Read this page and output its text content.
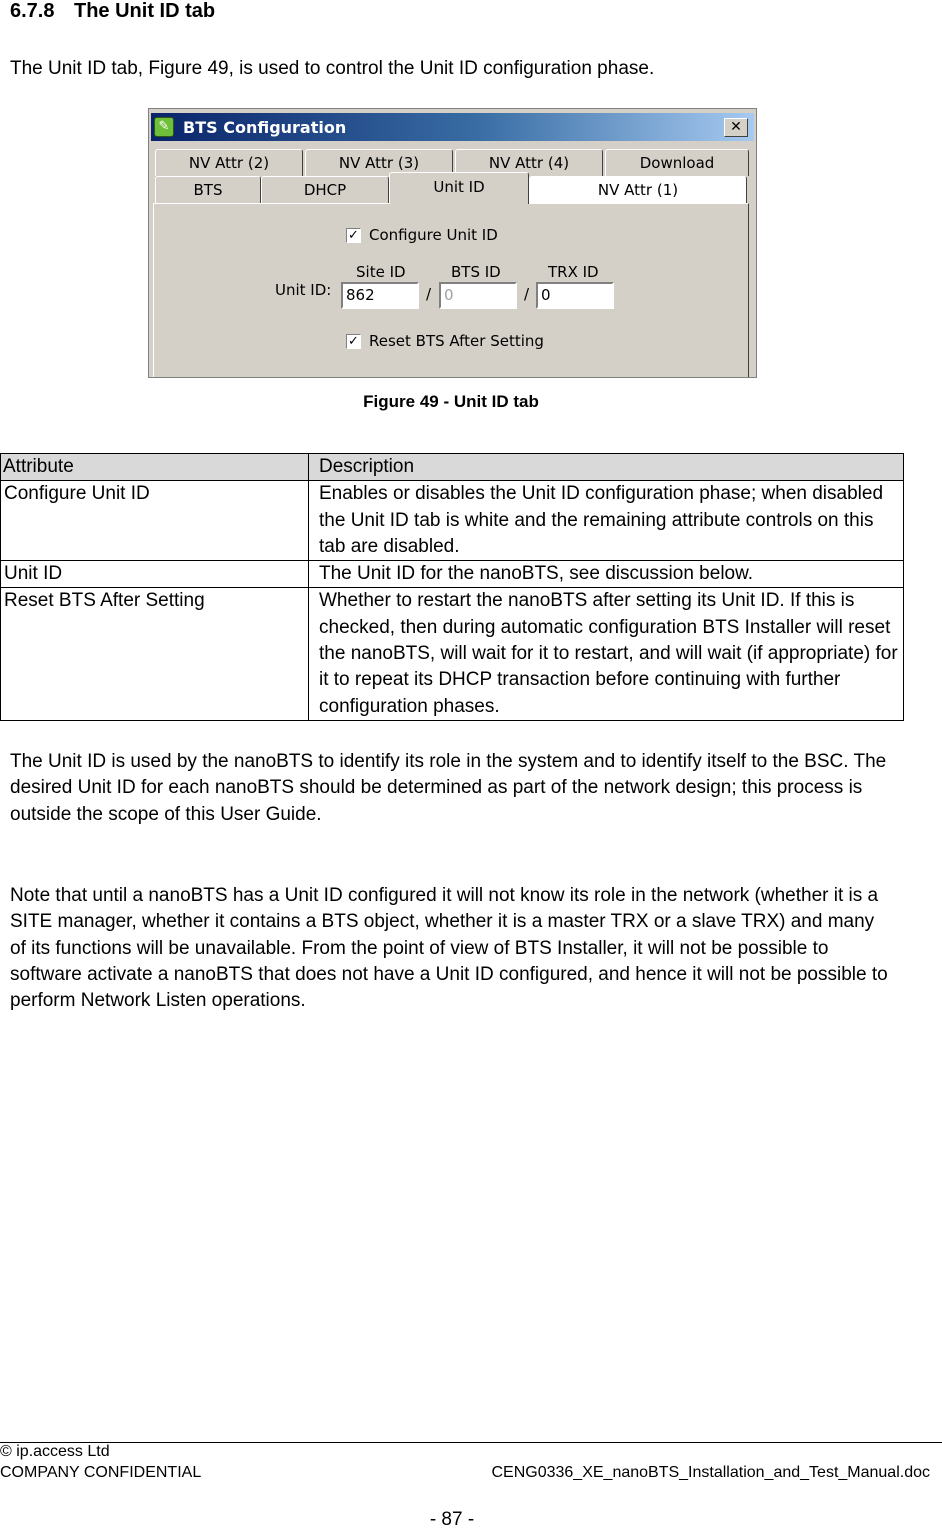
6.7.8 The Unit ID tab
The Unit ID tab, Figure 49, is used to control the Unit ID configuration phase.
✎ BTS Configuration	✕
NV Attr (2)	NV Attr (3)	NV Attr (4)	Download
BTS	DHCP	Unit ID	NV Attr (1)
✓ Configure Unit ID
Unit ID:
Site ID	BTS ID	TRX ID
862	/ 0	/ 0
✓ Reset BTS After Setting
Figure 49 - Unit ID tab
Attribute	Description
Configure Unit ID	Enables or disables the Unit ID configuration phase; when disabled the Unit ID tab is white and the remaining attribute controls on this tab are disabled.
Unit ID	The Unit ID for the nanoBTS, see discussion below.
Reset BTS After Setting	Whether to restart the nanoBTS after setting its Unit ID. If this is checked, then during automatic configuration BTS Installer will reset the nanoBTS, will wait for it to restart, and will wait (if appropriate) for it to repeat its DHCP transaction before continuing with further configuration phases.
The Unit ID is used by the nanoBTS to identify its role in the system and to identify itself to the BSC. The desired Unit ID for each nanoBTS should be determined as part of the network design; this process is outside the scope of this User Guide.
Note that until a nanoBTS has a Unit ID configured it will not know its role in the network (whether it is a SITE manager, whether it contains a BTS object, whether it is a master TRX or a slave TRX) and many of its functions will be unavailable. From the point of view of BTS Installer, it will not be possible to software activate a nanoBTS that does not have a Unit ID configured, and hence it will not be possible to perform Network Listen operations.
© ip.access Ltd
COMPANY CONFIDENTIAL	CENG0336_XE_nanoBTS_Installation_and_Test_Manual.doc
- 87 -
